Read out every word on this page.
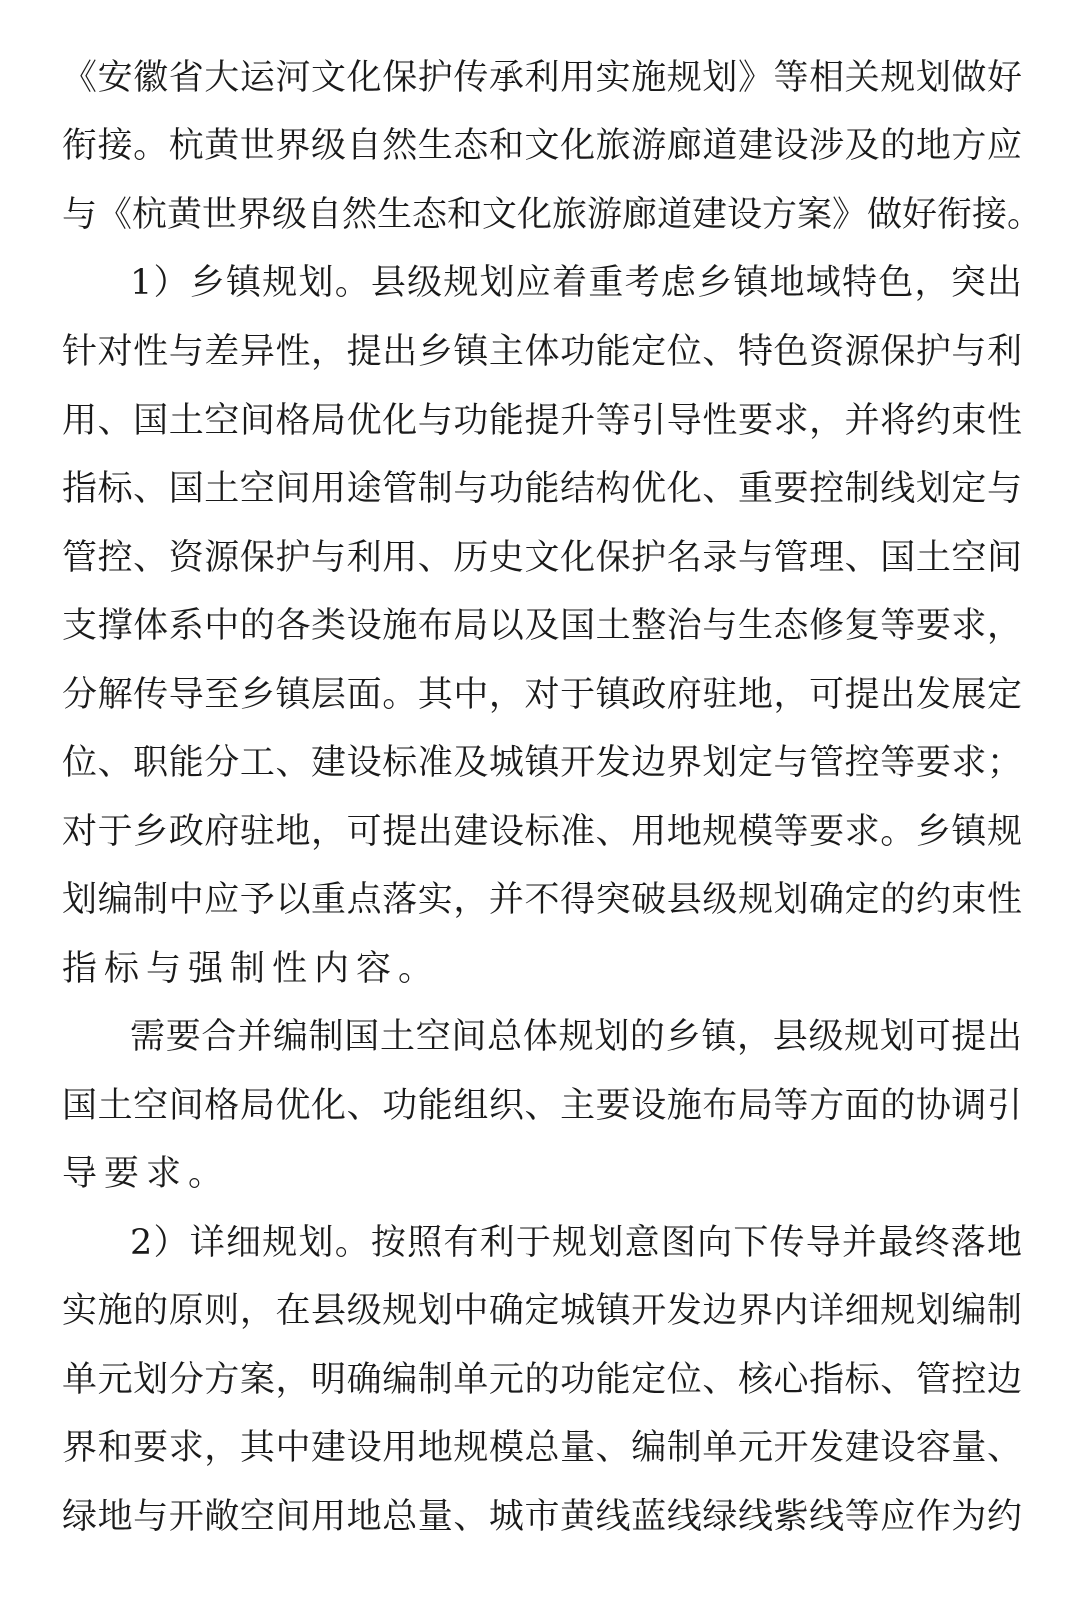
《安徽省大运河文化保护传承利用实施规划》等相关规划做好
衔接。杭黄世界级自然生态和文化旅游廊道建设涉及的地方应
与《杭黄世界级自然生态和文化旅游廊道建设方案》做好衔接。
1）乡镇规划。县级规划应着重考虑乡镇地域特色，突出
针对性与差异性，提出乡镇主体功能定位、特色资源保护与利
用、国土空间格局优化与功能提升等引导性要求，并将约束性
指标、国土空间用途管制与功能结构优化、重要控制线划定与
管控、资源保护与利用、历史文化保护名录与管理、国土空间
支撑体系中的各类设施布局以及国土整治与生态修复等要求，
分解传导至乡镇层面。其中，对于镇政府驻地，可提出发展定
位、职能分工、建设标准及城镇开发边界划定与管控等要求；
对于乡政府驻地，可提出建设标准、用地规模等要求。乡镇规
划编制中应予以重点落实，并不得突破县级规划确定的约束性
指标与强制性内容。
需要合并编制国土空间总体规划的乡镇，县级规划可提出
国土空间格局优化、功能组织、主要设施布局等方面的协调引
导要求。
2）详细规划。按照有利于规划意图向下传导并最终落地
实施的原则，在县级规划中确定城镇开发边界内详细规划编制
单元划分方案，明确编制单元的功能定位、核心指标、管控边
界和要求，其中建设用地规模总量、编制单元开发建设容量、
绿地与开敞空间用地总量、城市黄线蓝线绿线紫线等应作为约
